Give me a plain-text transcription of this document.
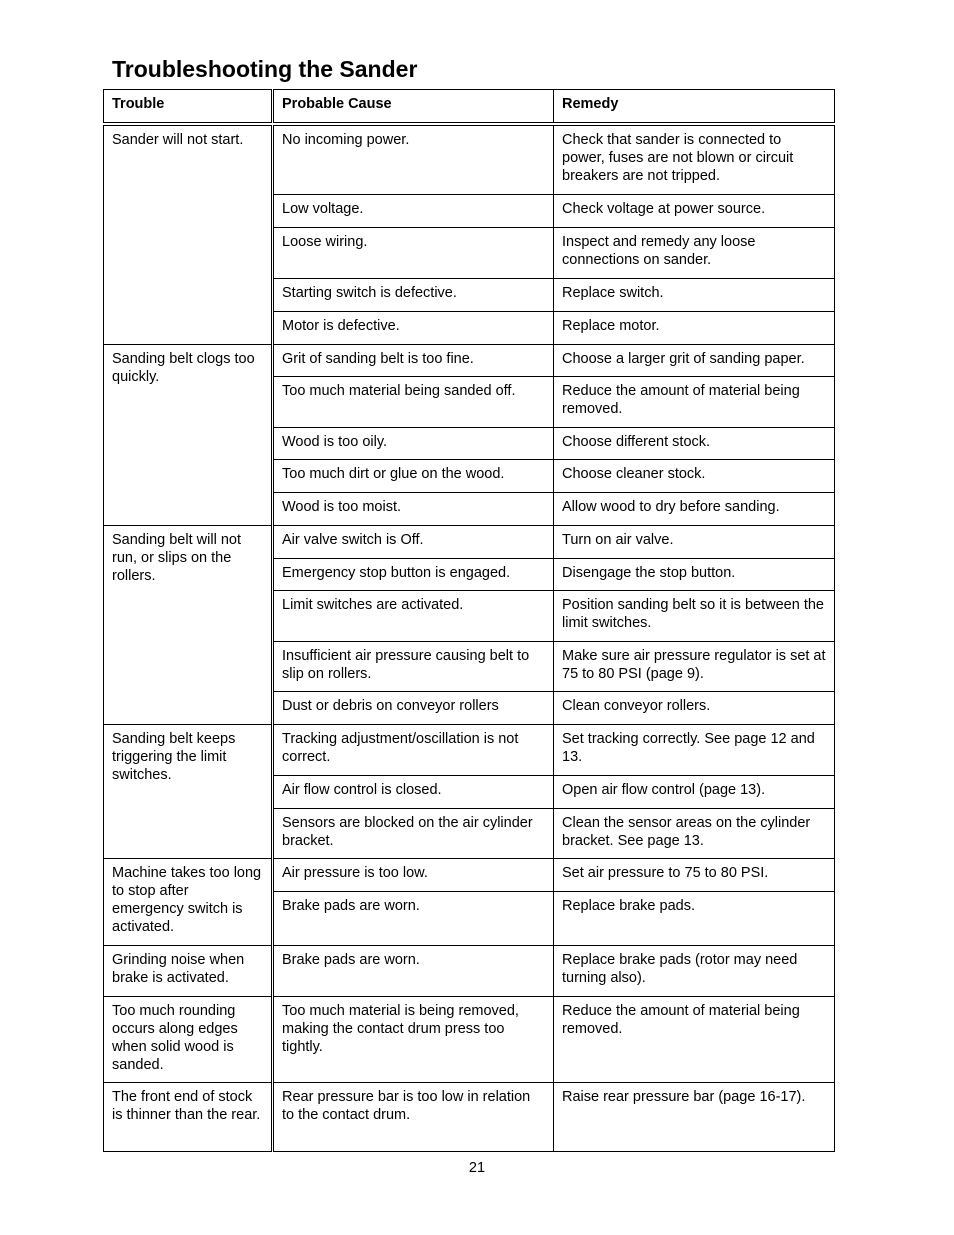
Troubleshooting the Sander
Trouble	Probable Cause	Remedy

Sander will not start.	No incoming power.	Check that sander is connected to power, fuses are not blown or circuit breakers are not tripped.
	Low voltage.	Check voltage at power source.
	Loose wiring.	Inspect and remedy any loose connections on sander.
	Starting switch is defective.	Replace switch.
	Motor is defective.	Replace motor.
Sanding belt clogs too quickly.	Grit of sanding belt is too fine.	Choose a larger grit of sanding paper.
	Too much material being sanded off.	Reduce the amount of material being removed.
	Wood is too oily.	Choose different stock.
	Too much dirt or glue on the wood.	Choose cleaner stock.
	Wood is too moist.	Allow wood to dry before sanding.
Sanding belt will not run, or slips on the rollers.	Air valve switch is Off.	Turn on air valve.
	Emergency stop button is engaged.	Disengage the stop button.
	Limit switches are activated.	Position sanding belt so it is between the limit switches.
	Insufficient air pressure causing belt to slip on rollers.	Make sure air pressure regulator is set at 75 to 80 PSI (page 9).
	Dust or debris on conveyor rollers	Clean conveyor rollers.
Sanding belt keeps triggering the limit switches.	Tracking adjustment/oscillation is not correct.	Set tracking correctly. See page 12 and 13.
	Air flow control is closed.	Open air flow control (page 13).
	Sensors are blocked on the air cylinder bracket.	Clean the sensor areas on the cylinder bracket. See page 13.
Machine takes too long to stop after emergency switch is activated.	Air pressure is too low.	Set air pressure to 75 to 80 PSI.
	Brake pads are worn.	Replace brake pads.
Grinding noise when brake is activated.	Brake pads are worn.	Replace brake pads (rotor may need turning also).
Too much rounding occurs along edges when solid wood is sanded.	Too much material is being removed, making the contact drum press too tightly.	Reduce the amount of material being removed.
The front end of stock is thinner than the rear.	Rear pressure bar is too low in relation to the contact drum.	Raise rear pressure bar (page 16-17).
21
